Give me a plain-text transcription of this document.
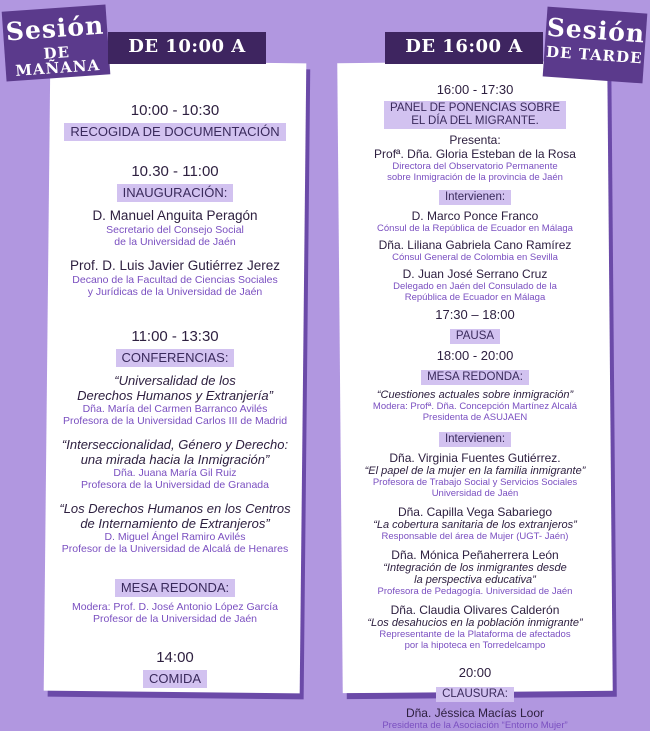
Sesión
DE MAÑANA
DE 10:00 A 14:00
Sesión
DE TARDE
DE 16:00 A 20:00
10:00 - 10:30
RECOGIDA DE DOCUMENTACIÓN
10.30 - 11:00
INAUGURACIÓN:
D. Manuel Anguita Peragón
Secretario del Consejo Social
de la Universidad de Jaén
Prof. D. Luis Javier Gutiérrez Jerez
Decano de la Facultad de Ciencias Sociales
y Jurídicas de la Universidad de Jaén
11:00 - 13:30
CONFERENCIAS:
“Universalidad de los
Derechos Humanos y Extranjería”
Dña. María del Carmen Barranco Avilés
Profesora de la Universidad Carlos III de Madrid
“Interseccionalidad, Género y Derecho:
una mirada hacia la Inmigración”
Dña. Juana María Gil Ruiz
Profesora de la Universidad de Granada
“Los Derechos Humanos en los Centros
de Internamiento de Extranjeros”
D. Miguel Ángel Ramiro Avilés
Profesor de la Universidad de Alcalá de Henares
MESA REDONDA:
Modera: Prof. D. José Antonio López García
Profesor de la Universidad de Jaén
14:00
COMIDA
16:00 - 17:30
PANEL DE PONENCIAS SOBRE
EL DÍA DEL MIGRANTE.
Presenta:
Profª. Dña. Gloria Esteban de la Rosa
Directora del Observatorio Permanente
sobre Inmigración de la provincia de Jaén
Intervienen:
D. Marco Ponce Franco
Cónsul de la República de Ecuador en Málaga
Dña. Liliana Gabriela Cano Ramírez
Cónsul General de Colombia en Sevilla
D. Juan José Serrano Cruz
Delegado en Jaén del Consulado de la
República de Ecuador en Málaga
17:30 – 18:00
PAUSA
18:00 - 20:00
MESA REDONDA:
“Cuestiones actuales sobre inmigración”
Modera: Profª. Dña. Concepción Martínez Alcalá
Presidenta de ASUJAEN
Intervienen:
Dña. Virginia Fuentes Gutiérrez.
“El papel de la mujer en la familia inmigrante”
Profesora de Trabajo Social y Servicios Sociales
Universidad de Jaén
Dña. Capilla Vega Sabariego
“La cobertura sanitaria de los extranjeros”
Responsable del área de Mujer (UGT- Jaén)
Dña. Mónica Peñaherrera León
“Integración de los inmigrantes desde
la perspectiva educativa”
Profesora de Pedagogía. Universidad de Jaén
Dña. Claudia Olivares Calderón
“Los desahucios en la población inmigrante”
Representante de la Plataforma de afectados
por la hipoteca en Torredelcampo
20:00
CLAUSURA:
Dña. Jéssica Macías Loor
Presidenta de la Asociación “Entorno Mujer”
